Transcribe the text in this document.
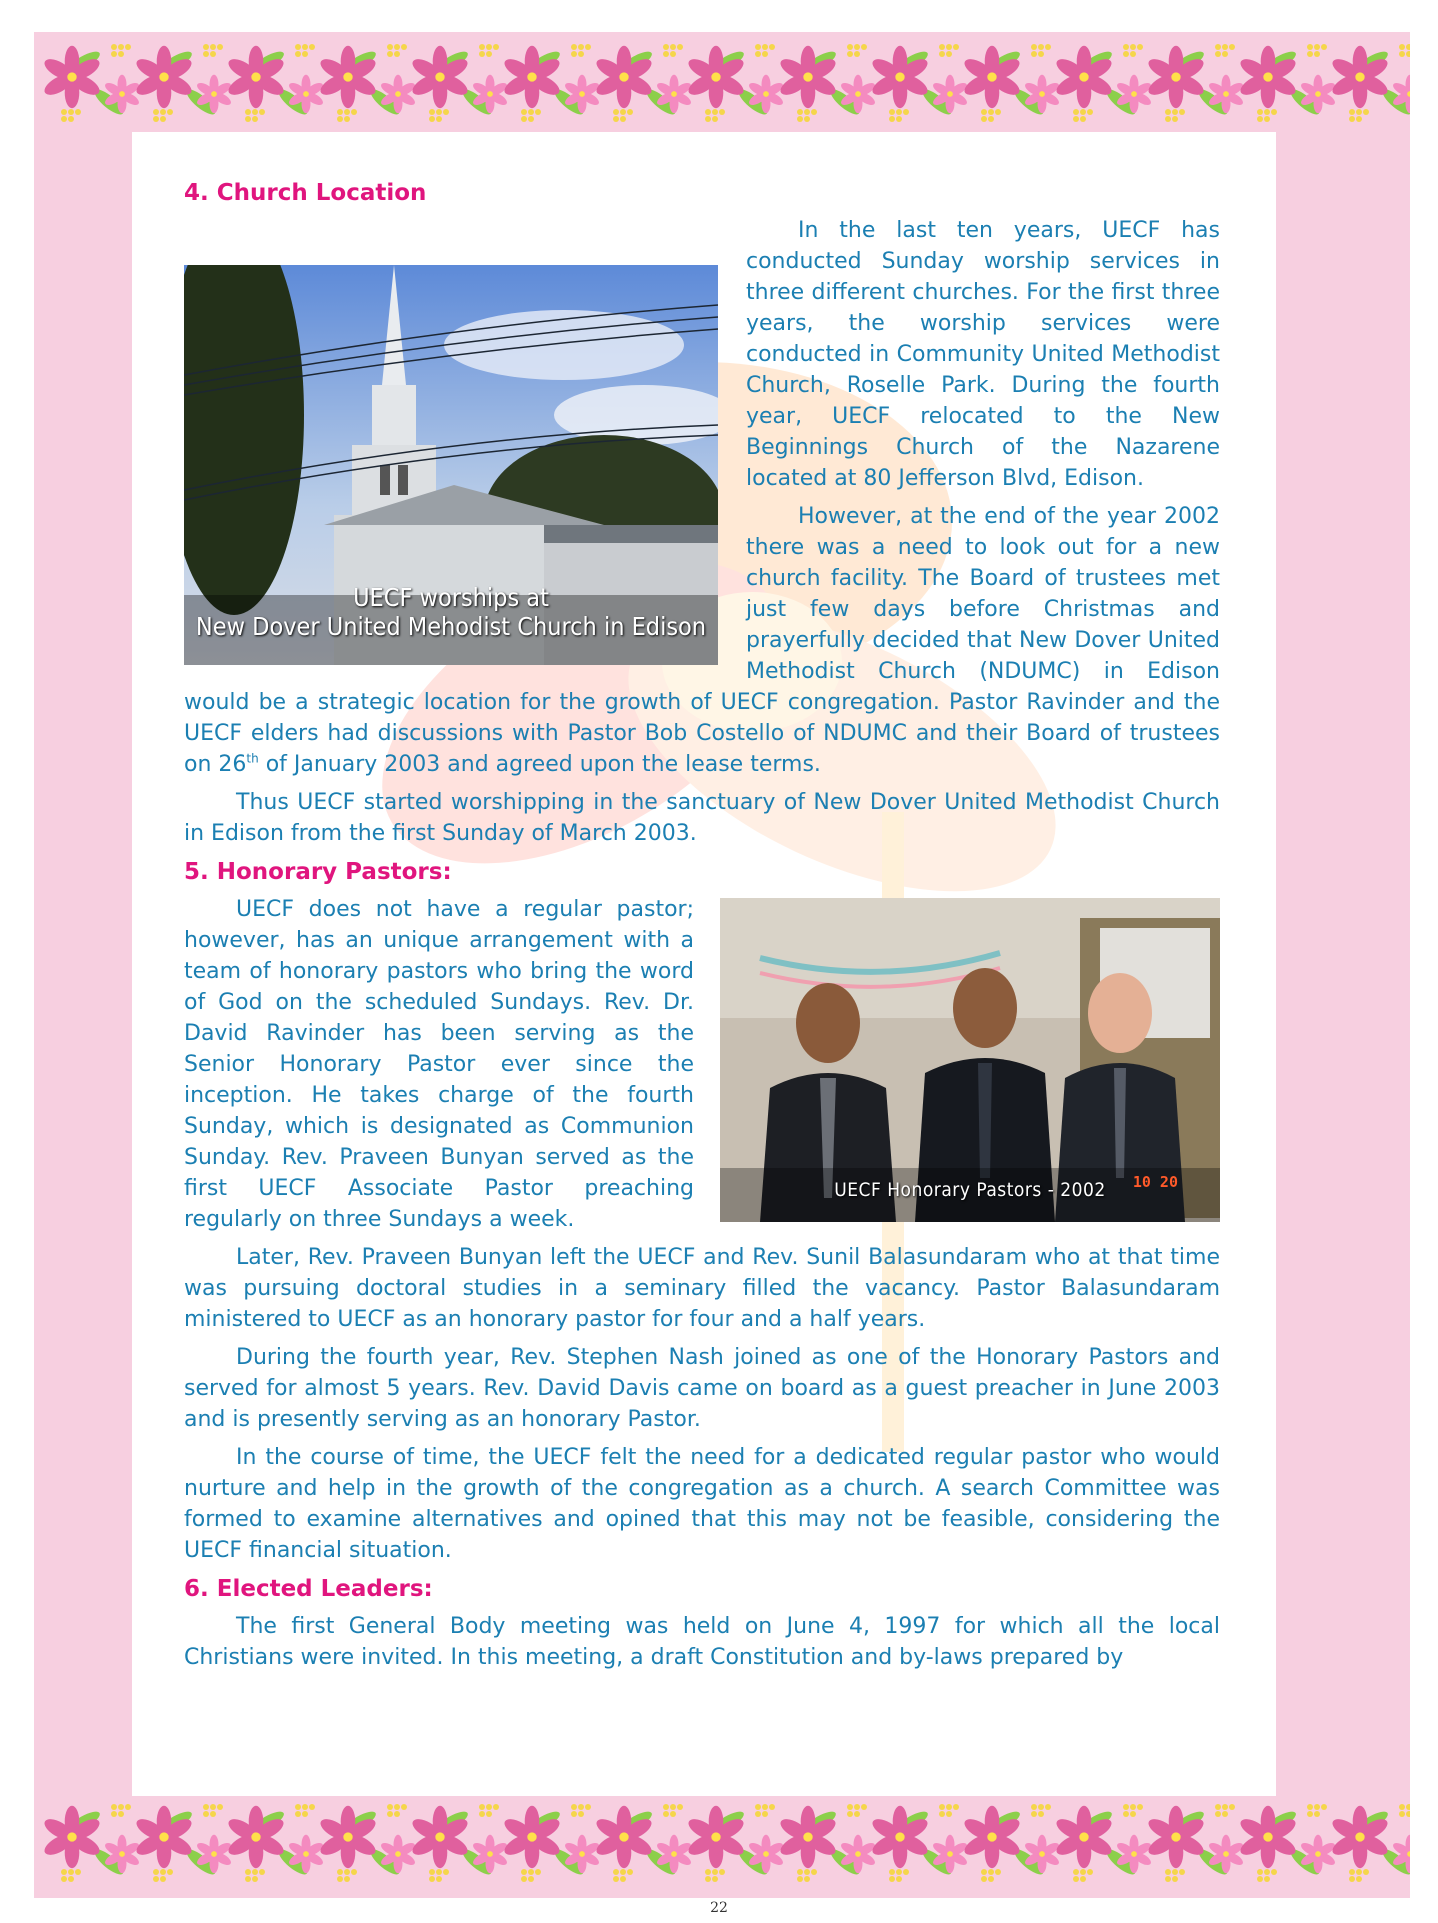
4. Church Location
UECF worships at
New Dover United Mehodist Church in Edison

In the last ten years, UECF has conducted Sunday worship services in three different churches. For the first three years, the worship services were conducted in Community United Methodist Church, Roselle Park. During the fourth year, UECF relocated to the New Beginnings Church of the Nazarene located at 80 Jefferson Blvd, Edison.

However, at the end of the year 2002 there was a need to look out for a new church facility. The Board of trustees met just few days before Christmas and prayerfully decided that New Dover United Methodist Church (NDUMC) in Edison would be a strategic location for the growth of UECF congregation. Pastor Ravinder and the UECF elders had discussions with Pastor Bob Costello of NDUMC and their Board of trustees on 26th of January 2003 and agreed upon the lease terms.

Thus UECF started worshipping in the sanctuary of New Dover United Methodist Church in Edison from the first Sunday of March 2003.

5. Honorary Pastors:
UECF Honorary Pastors - 2002	10 20

UECF does not have a regular pastor; however, has an unique arrangement with a team of honorary pastors who bring the word of God on the scheduled Sundays. Rev. Dr. David Ravinder has been serving as the Senior Honorary Pastor ever since the inception. He takes charge of the fourth Sunday, which is designated as Communion Sunday. Rev. Praveen Bunyan served as the first UECF Associate Pastor preaching regularly on three Sundays a week.

Later, Rev. Praveen Bunyan left the UECF and Rev. Sunil Balasundaram who at that time was pursuing doctoral studies in a seminary filled the vacancy. Pastor Balasundaram ministered to UECF as an honorary pastor for four and a half years.

During the fourth year, Rev. Stephen Nash joined as one of the Honorary Pastors and served for almost 5 years. Rev. David Davis came on board as a guest preacher in June 2003 and is presently serving as an honorary Pastor.

In the course of time, the UECF felt the need for a dedicated regular pastor who would nurture and help in the growth of the congregation as a church. A search Committee was formed to examine alternatives and opined that this may not be feasible, considering the UECF financial situation.

6. Elected Leaders:

The first General Body meeting was held on June 4, 1997 for which all the local Christians were invited. In this meeting, a draft Constitution and by-laws prepared by

22
